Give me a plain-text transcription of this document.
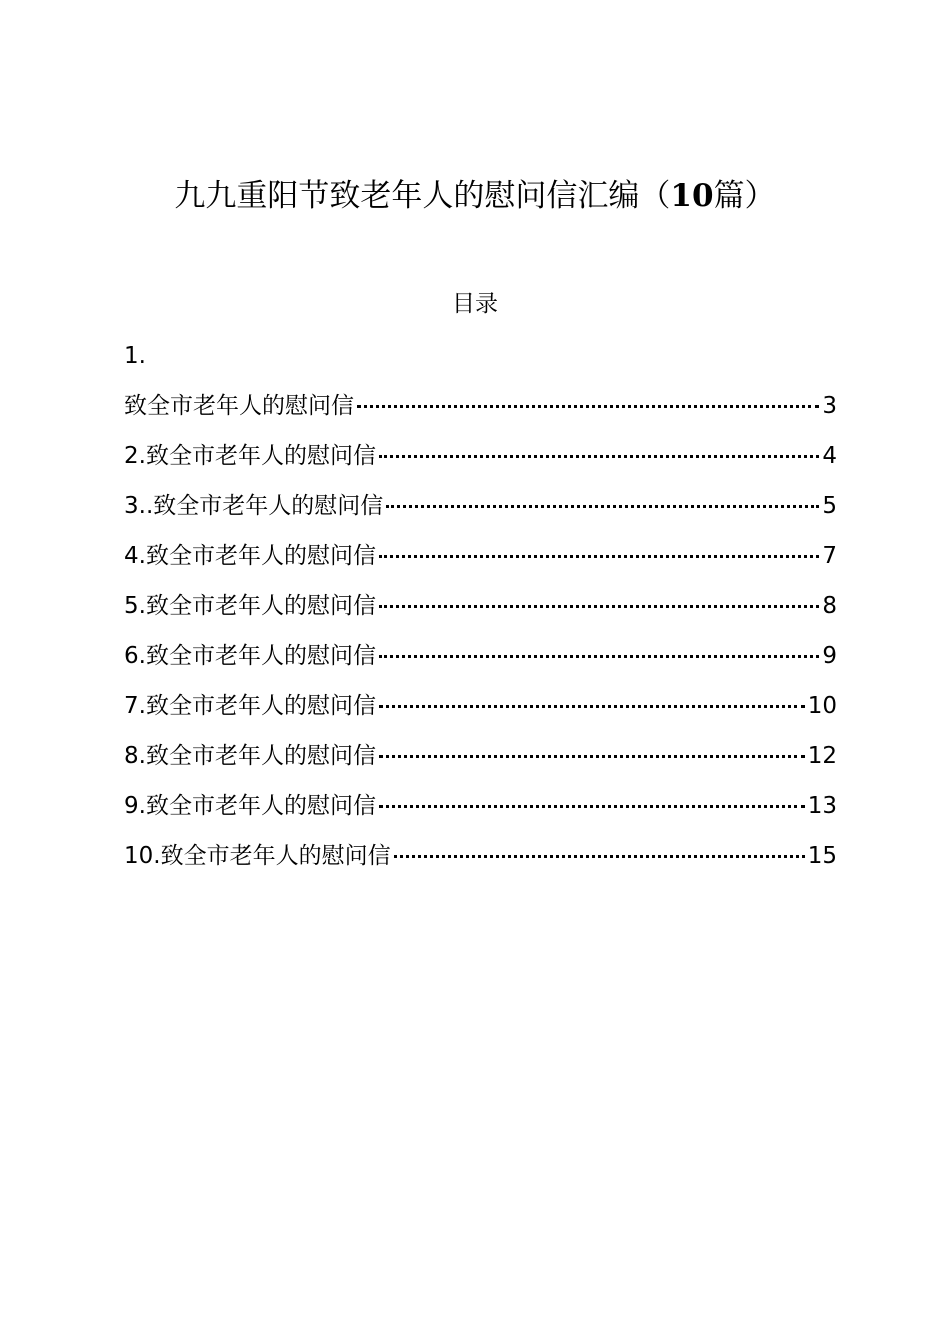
九九重阳节致老年人的慰问信汇编（10篇）
目录
1.
致全市老年人的慰问信	3
2.致全市老年人的慰问信	4
3..致全市老年人的慰问信	5
4.致全市老年人的慰问信	7
5.致全市老年人的慰问信	8
6.致全市老年人的慰问信	9
7.致全市老年人的慰问信	10
8.致全市老年人的慰问信	12
9.致全市老年人的慰问信	13
10.致全市老年人的慰问信	15
